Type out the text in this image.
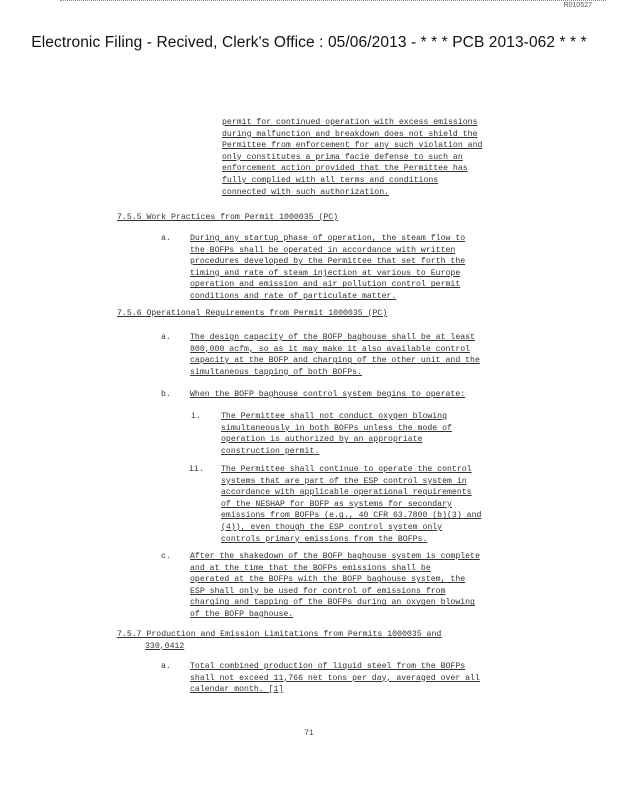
R010527
Electronic Filing - Recived, Clerk's Office : 05/06/2013 - * * * PCB 2013-062 * * *
permit for continued operation with excess emissions
during malfunction and breakdown does not shield the
Permittee from enforcement for any such violation and
only constitutes a prima facie defense to such an
enforcement action provided that the Permittee has
fully complied with all terms and conditions
connected with such authorization.
7.5.5 Work Practices from Permit 1000035 (PC)
a. During any startup phase of operation, the steam flow to
the BOFPs shall be operated in accordance with written
procedures developed by the Permittee that set forth the
timing and rate of steam injection at various to Europe
operation and emission and air pollution control permit
conditions and rate of particulate matter.
7.5.6 Operational Requirements from Permit 1000035 (PC)
a. The design capacity of the BOFP baghouse shall be at least
800,000 acfm, so as it may make it also available control
capacity at the BOFP and charging of the other unit and the
simultaneous tapping of both BOFPs.
b. When the BOFP baghouse control system begins to operate:
i. The Permittee shall not conduct oxygen blowing
simultaneously in both BOFPs unless the mode of
operation is authorized by an appropriate
construction permit.
ii. The Permittee shall continue to operate the control
systems that are part of the ESP control system in
accordance with applicable operational requirements
of the NESHAP for BOFP as systems for secondary
emissions from BOFPs (e.g., 40 CFR 63.7800 (b)(3) and
(4)), even though the ESP control system only
controls primary emissions from the BOFPs.
c. After the shakedown of the BOFP baghouse system is complete
and at the time that the BOFPs emissions shall be
operated at the BOFPs with the BOFP baghouse system, the
ESP shall only be used for control of emissions from
charging and tapping of the BOFPs during an oxygen blowing
of the BOFP baghouse.
7.5.7 Production and Emission Limitations from Permits 1000035 and
330,0412
a. Total combined production of liquid steel from the BOFPs
shall not exceed 11,766 net tons per day, averaged over all
calendar month. [1]
71
